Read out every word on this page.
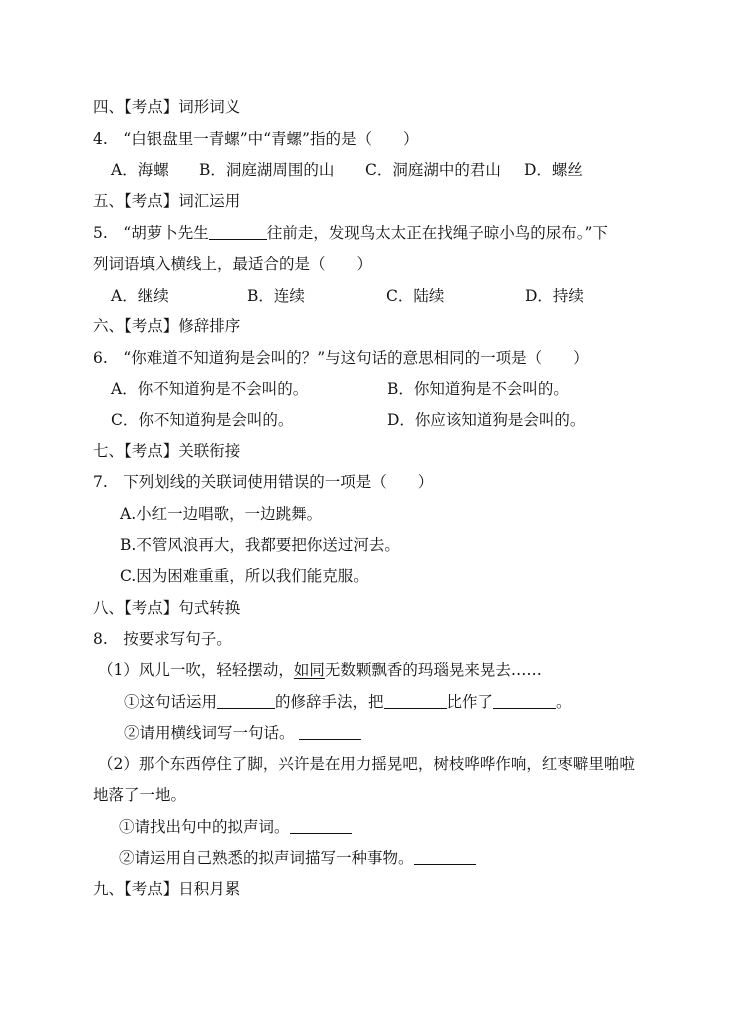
四、【考点】词形词义
4.　“白银盘里一青螺”中“青螺”指的是（　　）
A．海螺 B．洞庭湖周围的山 C．洞庭湖中的君山 D．螺丝
五、【考点】词汇运用
5.　“胡萝卜先生	往前走，发现鸟太太正在找绳子晾小鸟的尿布。”下
列词语填入横线上，最适合的是（　　）
A．继续	B．连续	C．陆续	D．持续
六、【考点】修辞排序
6.　“你难道不知道狗是会叫的？”与这句话的意思相同的一项是（　　）
A．你不知道狗是不会叫的。	B．你知道狗是不会叫的。
C．你不知道狗是会叫的。	D．你应该知道狗是会叫的。
七、【考点】关联衔接
7.　下列划线的关联词使用错误的一项是（　　）
A.小红一边唱歌，一边跳舞。
B.不管风浪再大，我都要把你送过河去。
C.因为困难重重，所以我们能克服。
八、【考点】句式转换
8.　按要求写句子。
（1）风儿一吹，轻轻摆动，如同无数颗飘香的玛瑙晃来晃去……
①这句话运用	的修辞手法，把	比作了	。
②请用横线词写一句话。
（2）那个东西停住了脚，兴许是在用力摇晃吧，树枝哗哗作响，红枣噼里啪啦
地落了一地。
①请找出句中的拟声词。
②请运用自己熟悉的拟声词描写一种事物。
九、【考点】日积月累
